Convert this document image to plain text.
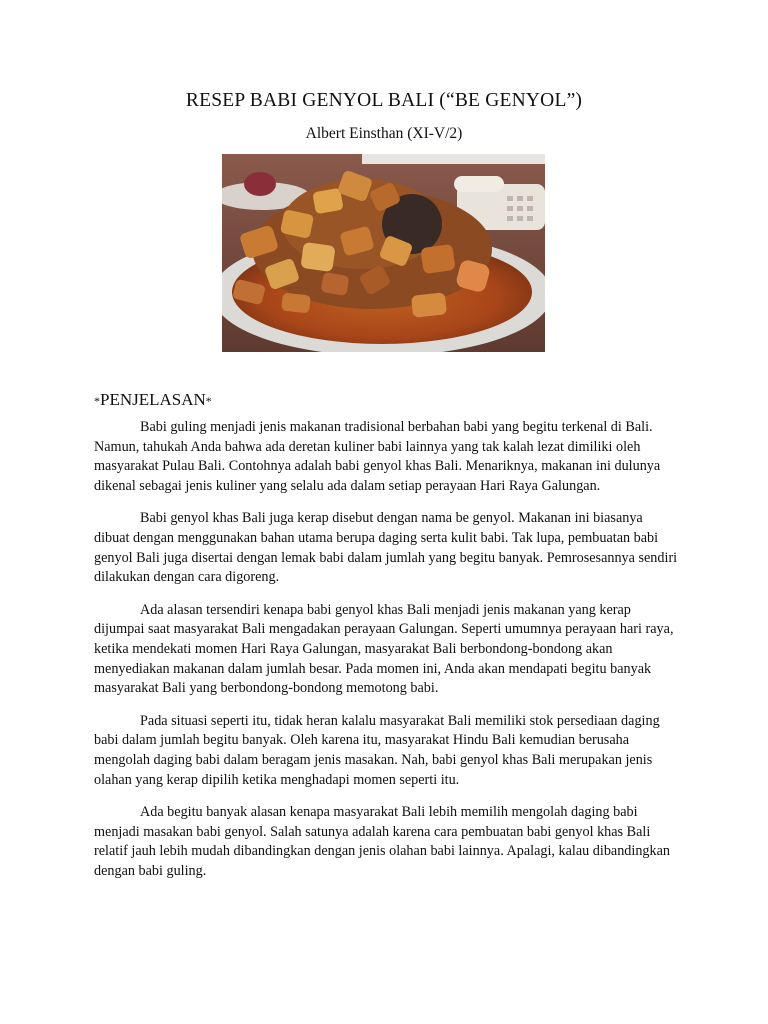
RESEP BABI GENYOL BALI (“BE GENYOL”)
Albert Einsthan (XI-V/2)
*PENJELASAN*

Babi guling menjadi jenis makanan tradisional berbahan babi yang begitu terkenal di Bali. Namun, tahukah Anda bahwa ada deretan kuliner babi lainnya yang tak kalah lezat dimiliki oleh masyarakat Pulau Bali. Contohnya adalah babi genyol khas Bali. Menariknya, makanan ini dulunya dikenal sebagai jenis kuliner yang selalu ada dalam setiap perayaan Hari Raya Galungan.

Babi genyol khas Bali juga kerap disebut dengan nama be genyol. Makanan ini biasanya dibuat dengan menggunakan bahan utama berupa daging serta kulit babi. Tak lupa, pembuatan babi genyol Bali juga disertai dengan lemak babi dalam jumlah yang begitu banyak. Pemrosesannya sendiri dilakukan dengan cara digoreng.

Ada alasan tersendiri kenapa babi genyol khas Bali menjadi jenis makanan yang kerap dijumpai saat masyarakat Bali mengadakan perayaan Galungan. Seperti umumnya perayaan hari raya, ketika mendekati momen Hari Raya Galungan, masyarakat Bali berbondong-bondong akan menyediakan makanan dalam jumlah besar. Pada momen ini, Anda akan mendapati begitu banyak masyarakat Bali yang berbondong-bondong memotong babi.

Pada situasi seperti itu, tidak heran kalalu masyarakat Bali memiliki stok persediaan daging babi dalam jumlah begitu banyak. Oleh karena itu, masyarakat Hindu Bali kemudian berusaha mengolah daging babi dalam beragam jenis masakan. Nah, babi genyol khas Bali merupakan jenis olahan yang kerap dipilih ketika menghadapi momen seperti itu.

Ada begitu banyak alasan kenapa masyarakat Bali lebih memilih mengolah daging babi menjadi masakan babi genyol. Salah satunya adalah karena cara pembuatan babi genyol khas Bali relatif jauh lebih mudah dibandingkan dengan jenis olahan babi lainnya. Apalagi, kalau dibandingkan dengan babi guling.
